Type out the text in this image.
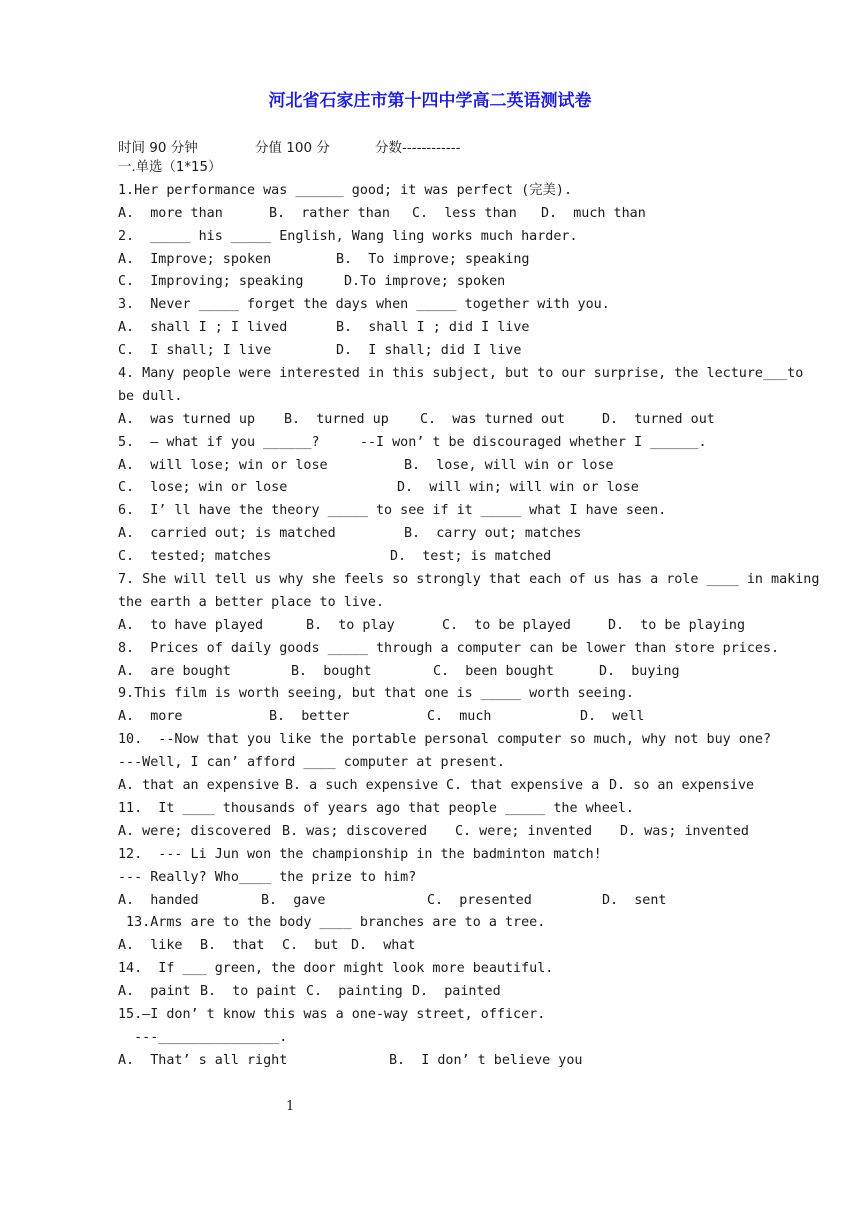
河北省石家庄市第十四中学高二英语测试卷
时间 90 分钟	分值 100 分	分数------------
一.单选（1*15）
1.Her performance was ______ good; it was perfect (完美).
A.  more than	B.  rather than C.  less than D.  much than
2.  _____ his _____ English, Wang ling works much harder.
A.  Improve; spoken	B.  To improve; speaking
C.  Improving; speaking	D.To improve; spoken
3.  Never _____ forget the days when _____ together with you.
A.  shall I ; I lived	B.  shall I ; did I live
C.  I shall; I live	D.  I shall; did I live
4. Many people were interested in this subject, but to our surprise, the lecture___to
be dull.
A.  was turned up B.  turned up C.  was turned out	D.  turned out
5.  – what if you ______?     --I won’ t be discouraged whether I ______.
A.  will lose; win or lose	B.  lose, will win or lose
C.  lose; win or lose	D.  will win; will win or lose
6.  I’ ll have the theory _____ to see if it _____ what I have seen.
A.  carried out; is matched	B.  carry out; matches
C.  tested; matches	D.  test; is matched
7. She will tell us why she feels so strongly that each of us has a role ____ in making
the earth a better place to live.
A.  to have played	B.  to play	C.  to be played	D.  to be playing
8.  Prices of daily goods _____ through a computer can be lower than store prices.
A.  are bought	B.  bought	C.  been bought	D.  buying
9.This film is worth seeing, but that one is _____ worth seeing.
A.  more	B.  better	C.  much	D.  well
10.  --Now that you like the portable personal computer so much, why not buy one?
---Well, I can’ afford ____ computer at present.
A. that an expensive B. a such expensive C. that expensive a D. so an expensive
11.  It ____ thousands of years ago that people _____ the wheel.
A. were; discovered B. was; discovered C. were; invented D. was; invented
12.  --- Li Jun won the championship in the badminton match!
--- Really? Who____ the prize to him?
A.  handed	B.  gave	C.  presented	D.  sent
13.Arms are to the body ____ branches are to a tree.
A.  like B.  that C.  but D.  what
14.  If ___ green, the door might look more beautiful.
A.  paint B.  to paint C.  painting D.  painted
15.—I don’ t know this was a one-way street, officer.
---_______________.
A.  That’ s all right	B.  I don’ t believe you
1
